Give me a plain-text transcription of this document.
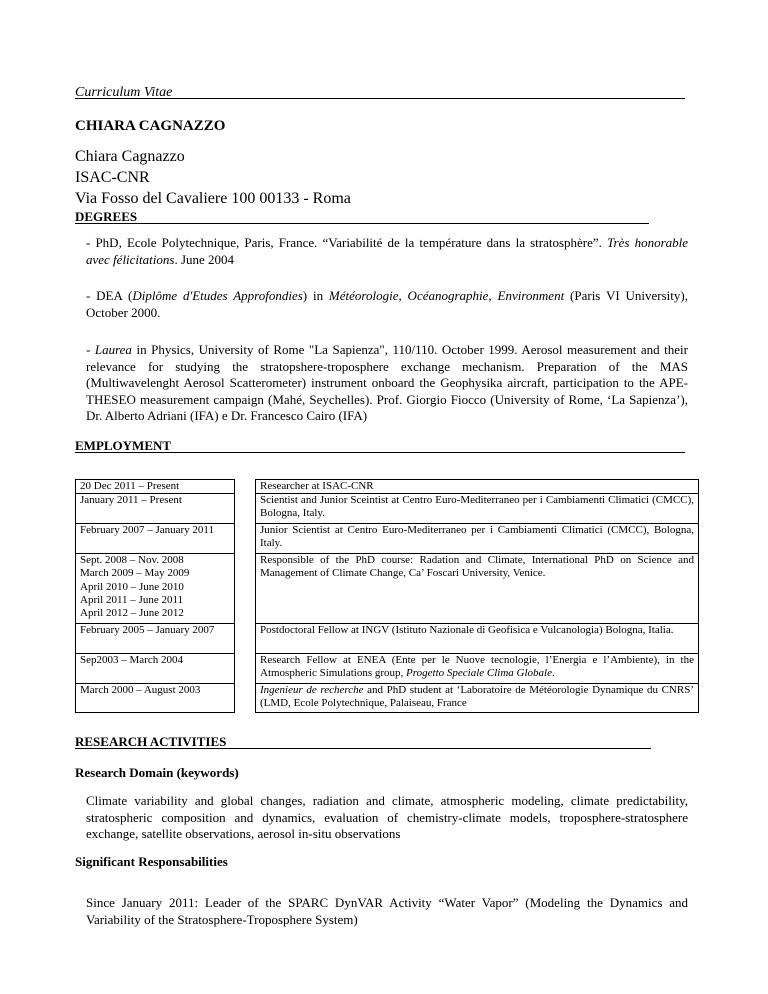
Curriculum Vitae
CHIARA CAGNAZZO
Chiara Cagnazzo
ISAC-CNR
Via Fosso del Cavaliere 100 00133 - Roma
DEGREES
- PhD, Ecole Polytechnique, Paris, France. “Variabilité de la température dans la stratosphère”. Très honorable avec félicitations. June 2004
- DEA (Diplôme d'Etudes Approfondies) in Météorologie, Océanographie, Environment (Paris VI University), October 2000.
- Laurea in Physics, University of Rome "La Sapienza", 110/110. October 1999. Aerosol measurement and their relevance for studying the stratopshere-troposphere exchange mechanism. Preparation of the MAS (Multiwavelenght Aerosol Scatterometer) instrument onboard the Geophysika aircraft, participation to the APE-THESEO measurement campaign (Mahé, Seychelles). Prof. Giorgio Fiocco (University of Rome, ‘La Sapienza’), Dr. Alberto Adriani (IFA) e Dr. Francesco Cairo (IFA)
EMPLOYMENT
20 Dec 2011 – Present
January 2011 – Present
February 2007 – January 2011
Sept. 2008 – Nov. 2008
March 2009 – May 2009
April 2010 – June 2010
April 2011 – June 2011
April 2012 – June 2012
February 2005 – January 2007
Sep2003 – March 2004
March 2000 – August 2003
Researcher at ISAC-CNR
Scientist and Junior Sceintist at Centro Euro-Mediterraneo per i Cambiamenti Climatici (CMCC), Bologna, Italy.
Junior Scientist at Centro Euro-Mediterraneo per i Cambiamenti Climatici (CMCC), Bologna, Italy.
Responsible of the PhD course: Radation and Climate, International PhD on Science and Management of Climate Change, Ca’ Foscari University, Venice.
Postdoctoral Fellow at INGV (Istituto Nazionale di Geofisica e Vulcanologia) Bologna, Italia.
Research Fellow at ENEA (Ente per le Nuove tecnologie, l’Energia e l’Ambiente), in the Atmospheric Simulations group, Progetto Speciale Clima Globale.
Ingenieur de recherche and PhD student at ‘Laboratoire de Météorologie Dynamique du CNRS’ (LMD, Ecole Polytechnique, Palaiseau, France
RESEARCH ACTIVITIES
Research Domain (keywords)
Climate variability and global changes, radiation and climate, atmospheric modeling, climate predictability, stratospheric composition and dynamics, evaluation of chemistry-climate models, troposphere-stratosphere exchange, satellite observations, aerosol in-situ observations
Significant Responsabilities
Since January 2011: Leader of the SPARC DynVAR Activity “Water Vapor” (Modeling the Dynamics and Variability of the Stratosphere-Troposphere System)
